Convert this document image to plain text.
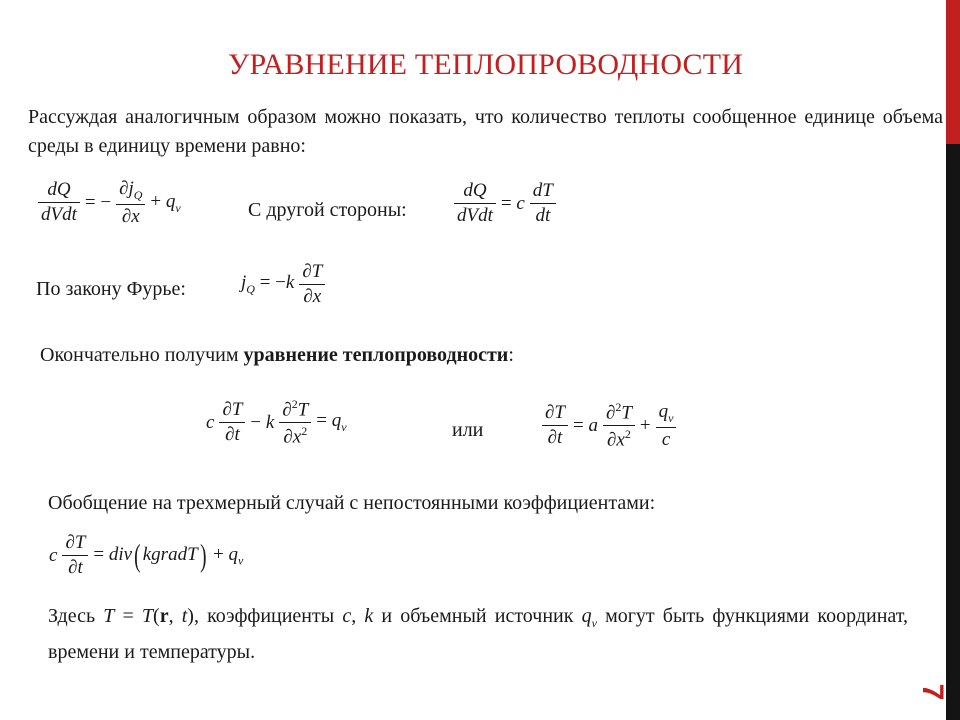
7
УРАВНЕНИЕ ТЕПЛОПРОВОДНОСТИ
Рассуждая аналогичным образом можно показать, что количество теплоты сообщенное единице объема среды в единицу времени равно:
$\frac{dQ}{\text{dVdt}}$ = − $\frac{\partial j_Q}{\partial x} + q_v$	С другой стороны: $\frac{dQ}{\text{dVdt}} = c \frac{dT}{dt}$
По закону Фурье:	$j_Q = -k \frac{\partial T}{\partial x}$
Окончательно получим уравнение теплопроводности:
c $\frac{\partial T}{\partial t} - k \frac{\partial^2T}{\partial x^2} = q_v$	или	$\frac{\partial T}{\partial t} = a \frac{\partial^2T}{\partial x^2} + \frac{q_v}{c}$
Обобщение на трехмерный случай с непостоянными коэффициентами:
c $\frac{\partial T}{\partial t} = div$( kgradT) + $q_v$
Здесь T = T(r, t), коэффициенты c, k и объемный источник $q_v$ могут быть функциями координат, времени и температуры.
